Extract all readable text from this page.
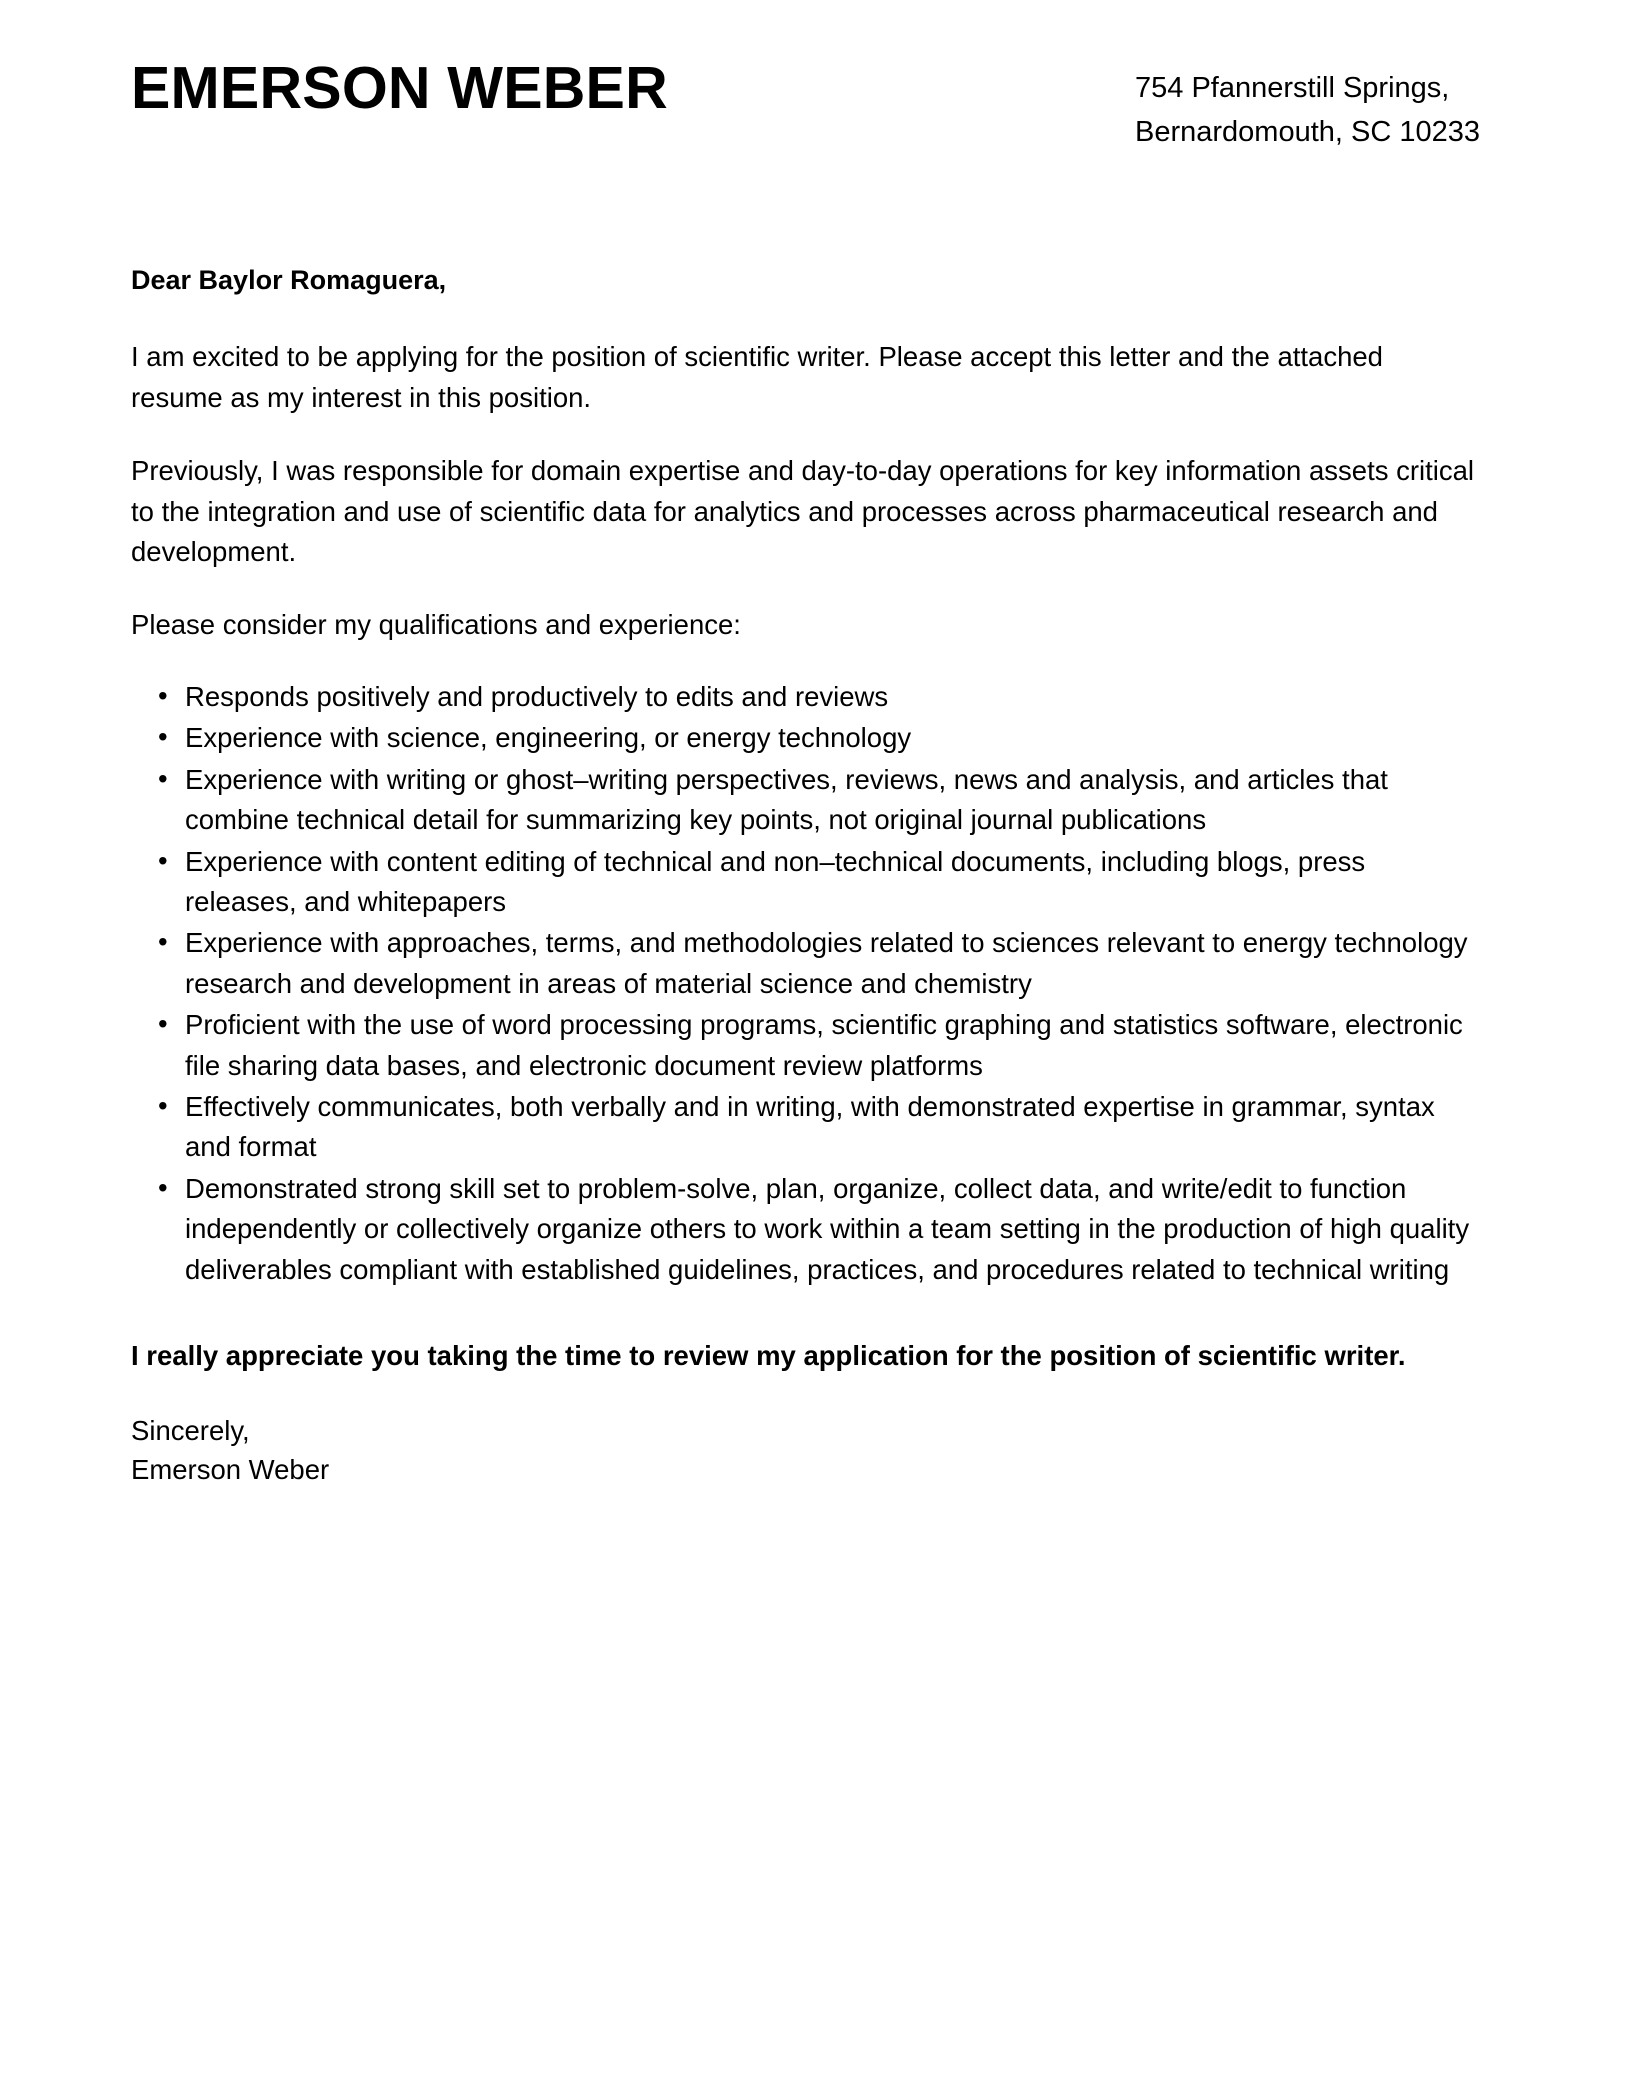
EMERSON WEBER	754 Pfannerstill Springs,
Bernardomouth, SC 10233

Dear Baylor Romaguera,

I am excited to be applying for the position of scientific writer. Please accept this letter and the attached resume as my interest in this position.

Previously, I was responsible for domain expertise and day-to-day operations for key information assets critical to the integration and use of scientific data for analytics and processes across pharmaceutical research and development.

Please consider my qualifications and experience:

• Responds positively and productively to edits and reviews
• Experience with science, engineering, or energy technology
• Experience with writing or ghost–writing perspectives, reviews, news and analysis, and articles that combine technical detail for summarizing key points, not original journal publications
• Experience with content editing of technical and non–technical documents, including blogs, press releases, and whitepapers
• Experience with approaches, terms, and methodologies related to sciences relevant to energy technology research and development in areas of material science and chemistry
• Proficient with the use of word processing programs, scientific graphing and statistics software, electronic file sharing data bases, and electronic document review platforms
• Effectively communicates, both verbally and in writing, with demonstrated expertise in grammar, syntax and format
• Demonstrated strong skill set to problem-solve, plan, organize, collect data, and write/edit to function independently or collectively organize others to work within a team setting in the production of high quality deliverables compliant with established guidelines, practices, and procedures related to technical writing

I really appreciate you taking the time to review my application for the position of scientific writer.

Sincerely,
Emerson Weber
